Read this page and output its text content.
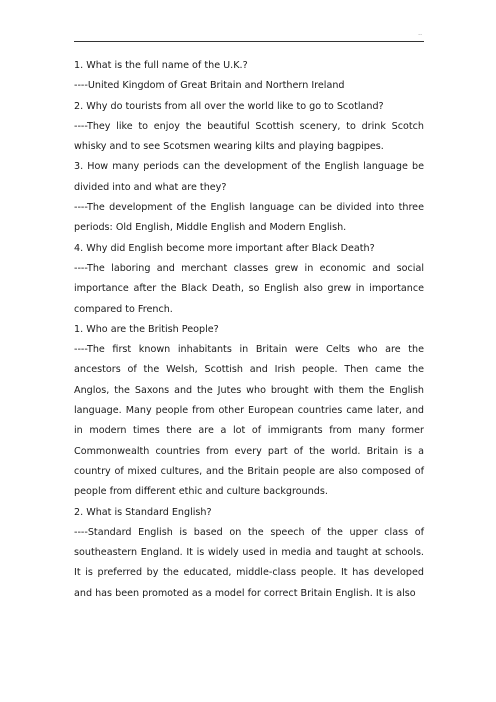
..

1. What is the full name of the U.K.?

----United Kingdom of Great Britain and Northern Ireland

2. Why do tourists from all over the world like to go to Scotland?

----They like to enjoy the beautiful Scottish scenery, to drink Scotch whisky and to see Scotsmen wearing kilts and playing bagpipes.

3. How many periods can the development of the English language be divided into and what are they?

----The development of the English language can be divided into three periods: Old English, Middle English and Modern English.

4. Why did English become more important after Black Death?

----The laboring and merchant classes grew in economic and social importance after the Black Death, so English also grew in importance compared to French.

1. Who are the British People?

----The first known inhabitants in Britain were Celts who are the ancestors of the Welsh, Scottish and Irish people. Then came the Anglos, the Saxons and the Jutes who brought with them the English language. Many people from other European countries came later, and in modern times there are a lot of immigrants from many former Commonwealth countries from every part of the world. Britain is a country of mixed cultures, and the Britain people are also composed of people from different ethic and culture backgrounds.

2. What is Standard English?

----Standard English is based on the speech of the upper class of southeastern England. It is widely used in media and taught at schools. It is preferred by the educated, middle-class people. It has developed and has been promoted as a model for correct Britain English. It is also
